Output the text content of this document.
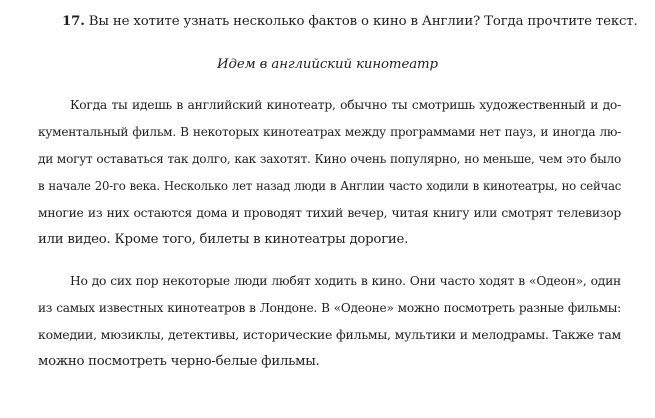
17. Вы не хотите узнать несколько фактов о кино в Англии? Тогда прочтите текст.
Идем в английский кинотеатр
Когда ты идешь в английский кинотеатр, обычно ты смотришь художественный и до-
кументальный фильм. В некоторых кинотеатрах между программами нет пауз, и иногда лю-
ди могут оставаться так долго, как захотят. Кино очень популярно, но меньше, чем это было
в начале 20-го века. Несколько лет назад люди в Англии часто ходили в кинотеатры, но сейчас
многие из них остаются дома и проводят тихий вечер, читая книгу или смотрят телевизор
или видео. Кроме того, билеты в кинотеатры дорогие.
Но до сих пор некоторые люди любят ходить в кино. Они часто ходят в «Одеон», один
из самых известных кинотеатров в Лондоне. В «Одеоне» можно посмотреть разные фильмы:
комедии, мюзиклы, детективы, исторические фильмы, мультики и мелодрамы. Также там
можно посмотреть черно-белые фильмы.
